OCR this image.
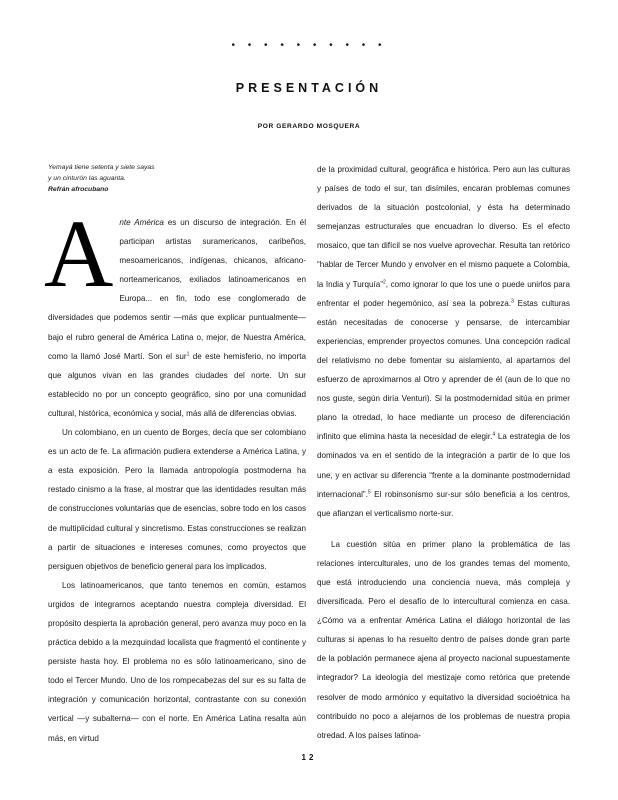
• • • • • • • • • •
PRESENTACIÓN
POR GERARDO MOSQUERA
Yemayá tiene setenta y siete sayas
y un cinturón las aguanta.
Refrán afrocubano

Ante América es un discurso de integración. En él participan artistas suramericanos, caribeños, mesoamericanos, indígenas, chicanos, africano-norteamericanos, exiliados latinoamericanos en Europa... en fin, todo ese conglomerado de diversidades que podemos sentir —más que explicar puntualmente— bajo el rubro general de América Latina o, mejor, de Nuestra América, como la llamó José Martí. Son el sur$^1$ de este hemisferio, no importa que algunos vivan en las grandes ciudades del norte. Un sur establecido no por un concepto geográfico, sino por una comunidad cultural, histórica, económica y social, más allá de diferencias obvias.

Un colombiano, en un cuento de Borges, decía que ser colombiano es un acto de fe. La afirmación pudiera extenderse a América Latina, y a esta exposición. Pero la llamada antropología postmoderna ha restado cinismo a la frase, al mostrar que las identidades resultan más de construcciones voluntarias que de esencias, sobre todo en los casos de multiplicidad cultural y sincretismo. Estas construcciones se realizan a partir de situaciones e intereses comunes, como proyectos que persiguen objetivos de beneficio general para los implicados.

Los latinoamericanos, que tanto tenemos en común, estamos urgidos de integrarnos aceptando nuestra compleja diversidad. El propósito despierta la aprobación general, pero avanza muy poco en la práctica debido a la mezquindad localista que fragmentó el continente y persiste hasta hoy. El problema no es sólo latinoamericano, sino de todo el Tercer Mundo. Uno de los rompecabezas del sur es su falta de integración y comunicación horizontal, contrastante con su conexión vertical —y subalterna— con el norte. En América Latina resalta aún más, en virtud

de la proximidad cultural, geográfica e histórica. Pero aun las culturas y países de todo el sur, tan disímiles, encaran problemas comunes derivados de la situación postcolonial, y ésta ha determinado semejanzas estructurales que encuadran lo diverso. Es el efecto mosaico, que tan difícil se nos vuelve aprovechar. Resulta tan retórico “hablar de Tercer Mundo y envolver en el mismo paquete a Colombia, la India y Turquía”$^2$, como ignorar lo que los une o puede unirlos para enfrentar el poder hegemónico, así sea la pobreza.$^3$ Estas culturas están necesitadas de conocerse y pensarse, de intercambiar experiencias, emprender proyectos comunes. Una concepción radical del relativismo no debe fomentar su aislamiento, al apartarnos del esfuerzo de aproximarnos al Otro y aprender de él (aun de lo que no nos guste, según diría Venturi). Si la postmodernidad sitúa en primer plano la otredad, lo hace mediante un proceso de diferenciación infinito que elimina hasta la necesidad de elegir.$^4$ La estrategia de los dominados va en el sentido de la integración a partir de lo que los une, y en activar su diferencia “frente a la dominante postmodernidad internacional”.$^5$ El robinsonismo sur-sur sólo beneficia a los centros, que afianzan el verticalismo norte-sur.

La cuestión sitúa en primer plano la problemática de las relaciones interculturales, uno de los grandes temas del momento, que está introduciendo una conciencia nueva, más compleja y diversificada. Pero el desafío de lo intercultural comienza en casa. ¿Cómo va a enfrentar América Latina el diálogo horizontal de las culturas si apenas lo ha resuelto dentro de países donde gran parte de la población permanece ajena al proyecto nacional supuestamente integrador? La ideología del mestizaje como retórica que pretende resolver de modo armónico y equitativo la diversidad socioétnica ha contribuido no poco a alejarnos de los problemas de nuestra propia otredad. A los países latinoa-

12
